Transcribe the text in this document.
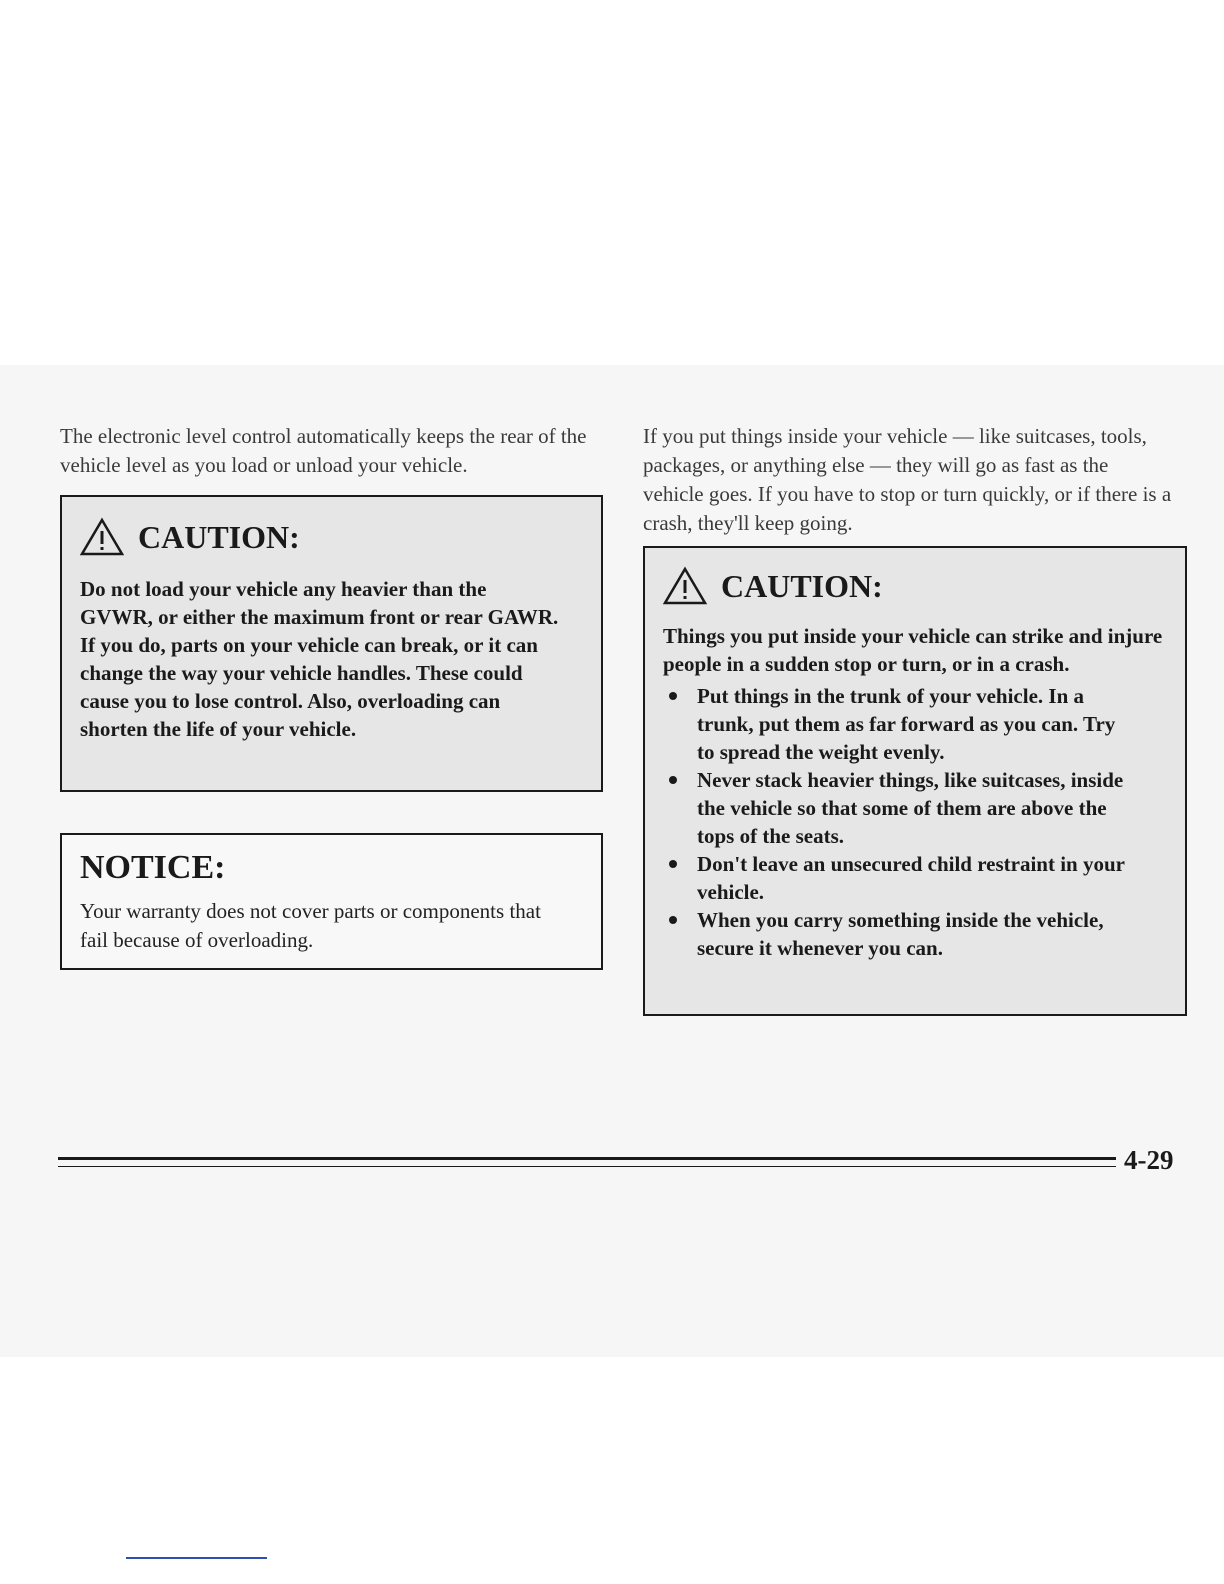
The electronic level control automatically keeps the rear of the vehicle level as you load or unload your vehicle.

CAUTION:

Do not load your vehicle any heavier than the GVWR, or either the maximum front or rear GAWR. If you do, parts on your vehicle can break, or it can change the way your vehicle handles. These could cause you to lose control. Also, overloading can shorten the life of your vehicle.

NOTICE:

Your warranty does not cover parts or components that fail because of overloading.

If you put things inside your vehicle — like suitcases, tools, packages, or anything else — they will go as fast as the vehicle goes. If you have to stop or turn quickly, or if there is a crash, they'll keep going.

CAUTION:

Things you put inside your vehicle can strike and injure people in a sudden stop or turn, or in a crash.

Put things in the trunk of your vehicle. In a trunk, put them as far forward as you can. Try to spread the weight evenly.
Never stack heavier things, like suitcases, inside the vehicle so that some of them are above the tops of the seats.
Don't leave an unsecured child restraint in your vehicle.
When you carry something inside the vehicle, secure it whenever you can.
4-29
